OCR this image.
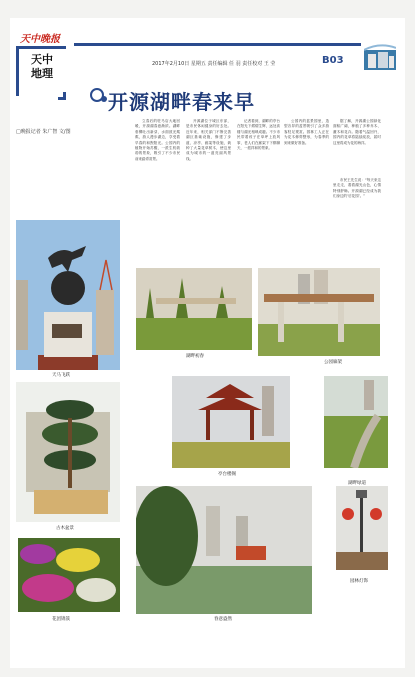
天中晚报
天中
地理
2017年2月10日 星期五 责任编辑 任 羽 责任校对 王 莹	B03
开源湖畔春来早
□晚报记者 朱广智 文/图

立春后的驻马店大地回暖，开源湖春意渐浓。湖畔垂柳吐出新芽，水面波光粼粼，游人漫步湖边，享受着早春的和煦阳光。公园内的植物开始苏醒，一派生机勃勃的景象，吸引了不少市民前来踏青赏景。

开源湖位于城区东部，是市民休闲健身的好去处。近年来，相关部门不断完善湖区基础设施，修建了步道、凉亭、廊架等设施，栽种了大量花草树木，使这里成为城市的一道亮丽风景线。

记者看到，湖畔的亭台在阳光下熠熠生辉，远处高楼与湖光相映成趣。不少市民带着孩子在草坪上放风筝，老人们在廊架下下棋聊天，一派祥和的景象。

公园内的盆景园里，造型各异的盆景吸引了众多游客驻足观赏。园林工人正在为花木修剪整形，为春季的到来做好准备。

据了解，开源湖公园绿化面积广阔，种植了多种乔木、灌木和花卉。随着气温回升，园内的花草将陆续绽放，届时这里将成为花的海洋。

市民王先生说：“每天来这里走走，看看湖光山色，心情特别舒畅。开源湖已经成为我们身边的‘后花园’。”

天马飞跃
湖畔初春
公园廊架
古木盆景
亭台楼阁
湖畔绿道
花团锦簇	春意盎然
园林灯饰
